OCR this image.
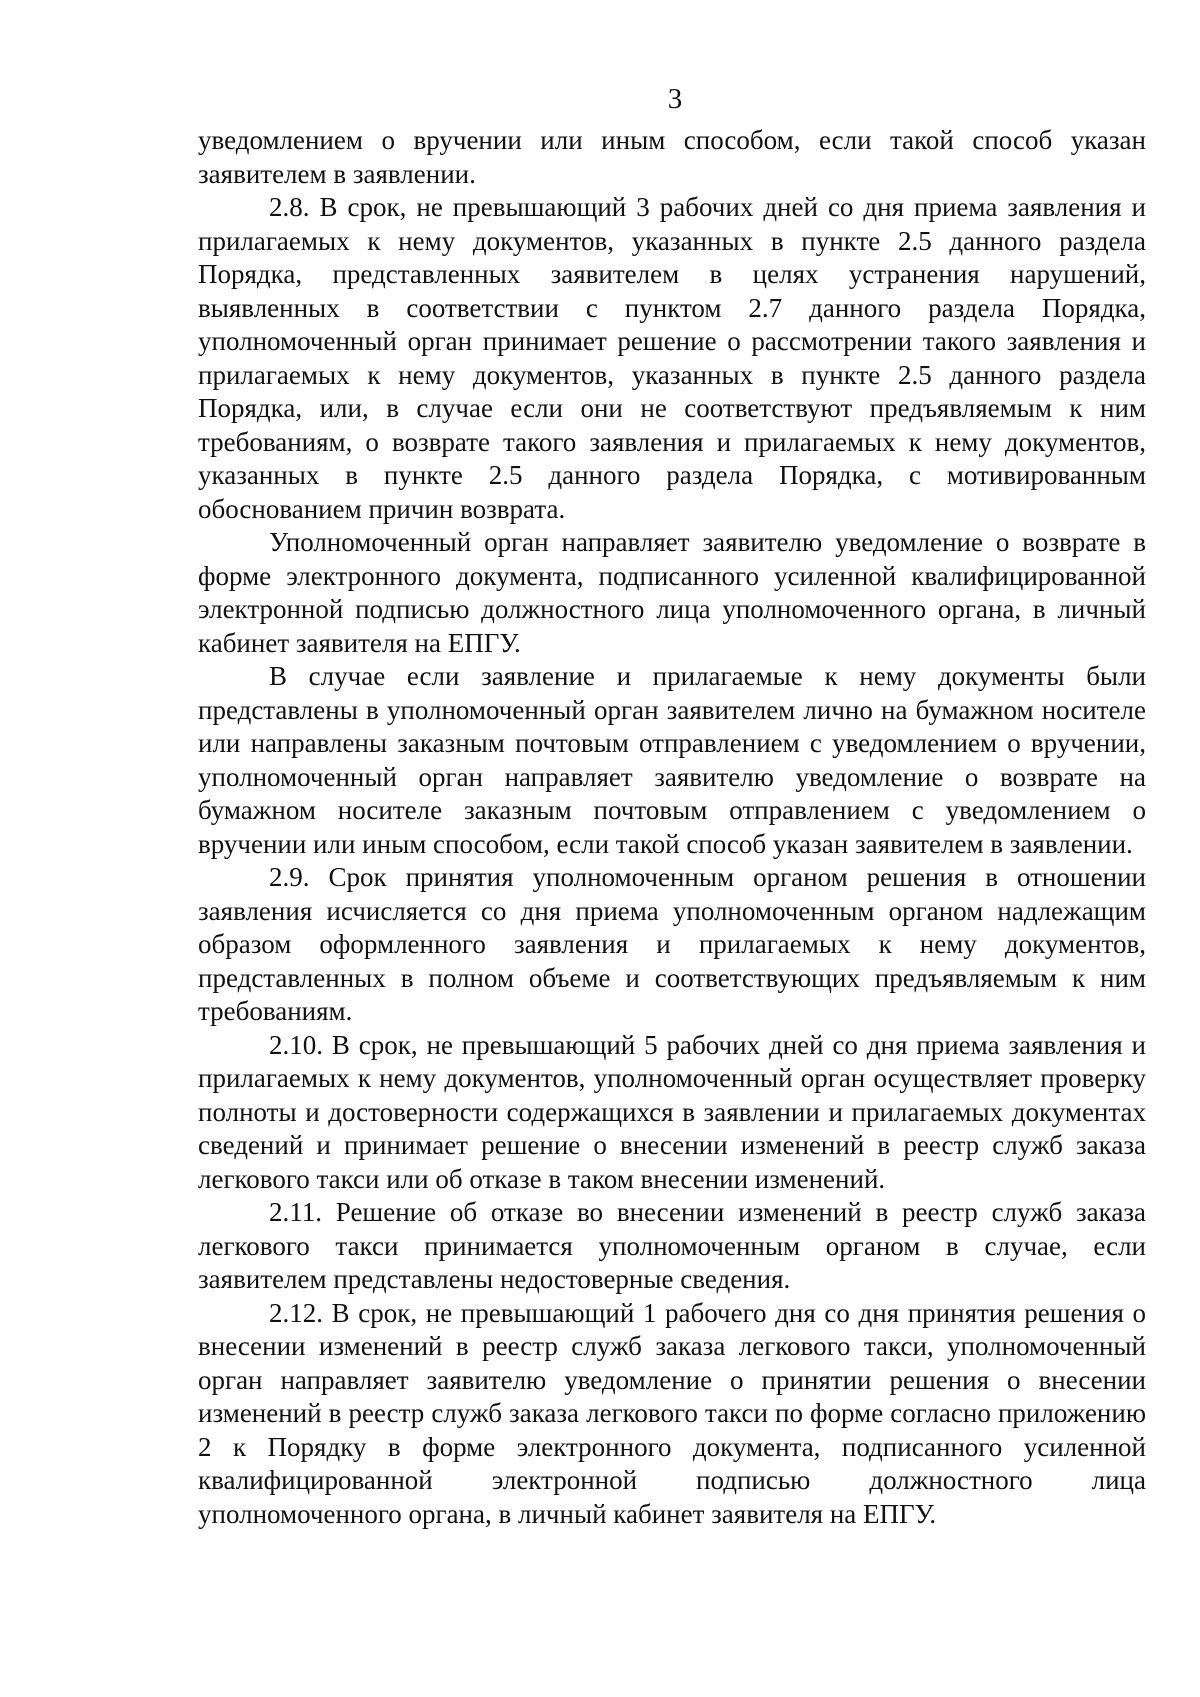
3

уведомлением о вручении или иным способом, если такой способ указан заявителем в заявлении.

2.8. В срок, не превышающий 3 рабочих дней со дня приема заявления и прилагаемых к нему документов, указанных в пункте 2.5 данного раздела Порядка, представленных заявителем в целях устранения нарушений, выявленных в соответствии с пунктом 2.7 данного раздела Порядка, уполномоченный орган принимает решение о рассмотрении такого заявления и прилагаемых к нему документов, указанных в пункте 2.5 данного раздела Порядка, или, в случае если они не соответствуют предъявляемым к ним требованиям, о возврате такого заявления и прилагаемых к нему документов, указанных в пункте 2.5 данного раздела Порядка, с мотивированным обоснованием причин возврата.

Уполномоченный орган направляет заявителю уведомление о возврате в форме электронного документа, подписанного усиленной квалифицированной электронной подписью должностного лица уполномоченного органа, в личный кабинет заявителя на ЕПГУ.

В случае если заявление и прилагаемые к нему документы были представлены в уполномоченный орган заявителем лично на бумажном носителе или направлены заказным почтовым отправлением с уведомлением о вручении, уполномоченный орган направляет заявителю уведомление о возврате на бумажном носителе заказным почтовым отправлением с уведомлением о вручении или иным способом, если такой способ указан заявителем в заявлении.

2.9. Срок принятия уполномоченным органом решения в отношении заявления исчисляется со дня приема уполномоченным органом надлежащим образом оформленного заявления и прилагаемых к нему документов, представленных в полном объеме и соответствующих предъявляемым к ним требованиям.

2.10. В срок, не превышающий 5 рабочих дней со дня приема заявления и прилагаемых к нему документов, уполномоченный орган осуществляет проверку полноты и достоверности содержащихся в заявлении и прилагаемых документах сведений и принимает решение о внесении изменений в реестр служб заказа легкового такси или об отказе в таком внесении изменений.

2.11. Решение об отказе во внесении изменений в реестр служб заказа легкового такси принимается уполномоченным органом в случае, если заявителем представлены недостоверные сведения.

2.12. В срок, не превышающий 1 рабочего дня со дня принятия решения о внесении изменений в реестр служб заказа легкового такси, уполномоченный орган направляет заявителю уведомление о принятии решения о внесении изменений в реестр служб заказа легкового такси по форме согласно приложению 2 к Порядку в форме электронного документа, подписанного усиленной квалифицированной электронной подписью должностного лица уполномоченного органа, в личный кабинет заявителя на ЕПГУ.
